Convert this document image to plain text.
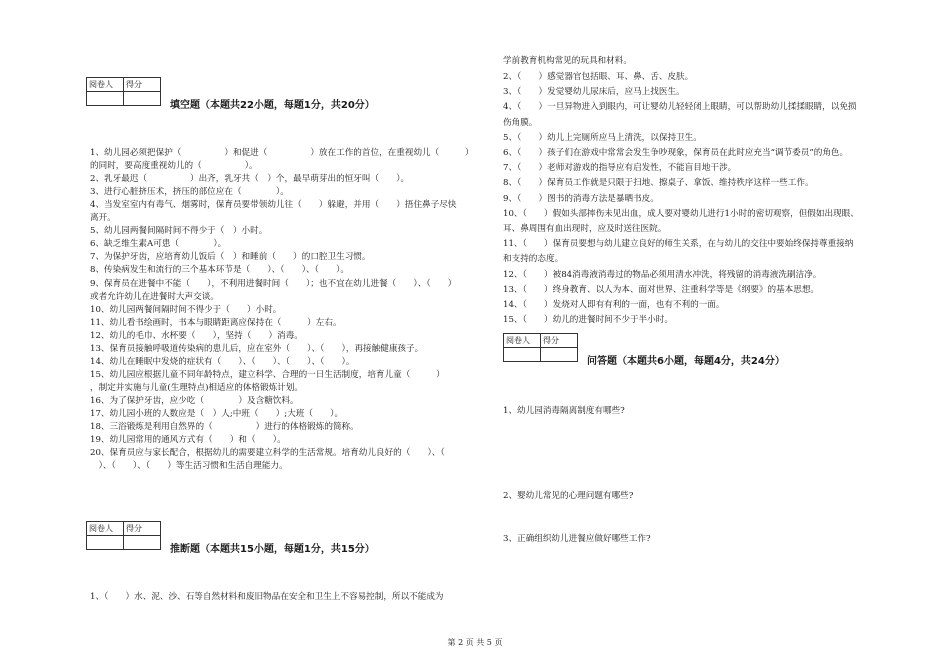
阅卷人	得分

填空题（本题共22小题，每题1分，共20分）
1、幼儿园必须把保护（　　　　　）和促进（　　　　　）放在工作的首位，在重视幼儿（　　　）
的同时，要高度重视幼儿的（　　　　　）。
2、乳牙最迟（　　　　　）出齐，乳牙共（　）个，最早萌芽出的恒牙叫（　　）。
3、进行心脏挤压术，挤压的部位应在（　　　　）。
4、当发室室内有毒气、烟雾时，保育员要带领幼儿往（　　）躲避，并用（　　）捂住鼻子尽快
离开。
5、幼儿园两餐间隔时间不得少于（　）小时。
6、缺乏维生素A可患（　　　　）。
7、为保护牙齿，应培育幼儿饭后（　）和睡前（　　）的口腔卫生习惯。
8、传染病发生和流行的三个基本环节是（　　）、（　　）、（　　）。
9、保育员在进餐中不能（　　），不利用进餐时间（　　）；也不宜在幼儿进餐（　　）、（　　）
或者允许幼儿在进餐时大声交谈。
10、幼儿园两餐间隔时间不得少于（　　）小时。
11、幼儿看书绘画时，书本与眼睛距离应保持在（　　　）左右。
12、幼儿的毛巾、水杯要（　　），坚持（　　）消毒。
13、保育员接触呼吸道传染病的患儿后，应在室外（　　）、（　　），再接触健康孩子。
14、幼儿在睡眠中发烧的症状有（　　）、（　　）、（　　）、（　　）。
15、幼儿园应根据儿童不同年龄特点，建立科学、合理的一日生活制度，培育儿童（　　　）
，制定并实施与儿童(生理特点)相适应的体格锻炼计划。
16、为了保护牙齿，应少吃（　　　　）及含糖饮料。
17、幼儿园小班的人数应是（　）人;中班（　　）;大班（　　）。
18、三浴锻炼是利用自然界的（　　　　　）进行的体格锻炼的简称。
19、幼儿园常用的通风方式有（　　）和（　　）。
20、保育员应与家长配合，根据幼儿的需要建立科学的生活常规。培育幼儿良好的（　　）、（
　）、（　　）、（　　）等生活习惯和生活自理能力。
阅卷人	得分

推断题（本题共15小题，每题1分，共15分）
1、（　　）水、泥、沙、石等自然材料和废旧物品在安全和卫生上不容易控制，所以不能成为
学前教育机构常见的玩具和材料。
2、（　　）感觉器官包括眼、耳、鼻、舌、皮肤。
3、（　　）发觉婴幼儿尿床后，应马上找医生。
4、（　　）一旦异物进入到眼内，可让婴幼儿轻轻闭上眼睛，可以帮助幼儿揉揉眼睛，以免损
伤角膜。
5、（　　）幼儿上完厕所应马上清洗，以保持卫生。
6、（　　）孩子们在游戏中常常会发生争吵现象，保育员在此时应充当“调节委员”的角色。
7、（　　）老师对游戏的指导应有启发性，不能盲目地干涉。
8、（　　）保育员工作就是只限于扫地、擦桌子、拿饭、维持秩序这样一些工作。
9、（　　）图书的消毒方法是暴晒书皮。
10、（　　）假如头部摔伤未见出血，成人要对婴幼儿进行1小时的密切观察，但假如出现眼、
耳、鼻周围有血出现时，应及时送往医院。
11、（　　）保育员要想与幼儿建立良好的师生关系，在与幼儿的交往中要始终保持尊重接纳
和支持的态度。
12、（　　）被84消毒液消毒过的物品必须用清水冲洗，将残留的消毒液洗刷洁净。
13、（　　）终身教育、以人为本、面对世界、注重科学等是《纲要》的基本思想。
14、（　　）发烧对人即有有利的一面，也有不利的一面。
15、（　　）幼儿的进餐时间不少于半小时。
阅卷人	得分

问答题（本题共6小题，每题4分，共24分）
1、幼儿园消毒隔离制度有哪些?
2、婴幼儿常见的心理问题有哪些?
3、正确组织幼儿进餐应做好哪些工作?
第 2 页 共 5 页
